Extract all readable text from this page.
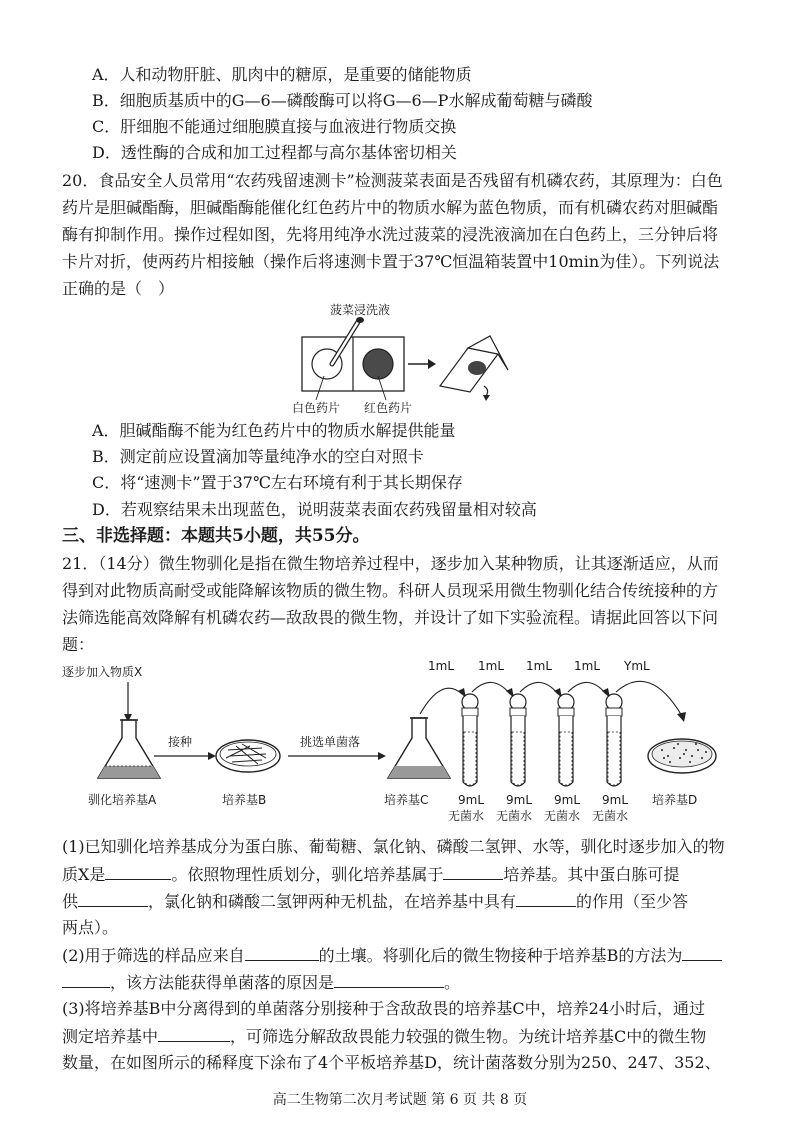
A．人和动物肝脏、肌肉中的糖原，是重要的储能物质
B．细胞质基质中的G—6—磷酸酶可以将G—6—P水解成葡萄糖与磷酸
C．肝细胞不能通过细胞膜直接与血液进行物质交换
D．透性酶的合成和加工过程都与高尔基体密切相关
20．食品安全人员常用“农药残留速测卡”检测菠菜表面是否残留有机磷农药，其原理为：白色
药片是胆碱酯酶，胆碱酯酶能催化红色药片中的物质水解为蓝色物质，而有机磷农药对胆碱酯
酶有抑制作用。操作过程如图，先将用纯净水洗过菠菜的浸洗液滴加在白色药上，三分钟后将
卡片对折，使两药片相接触（操作后将速测卡置于37℃恒温箱装置中10min为佳）。下列说法
正确的是（　）
菠菜浸洗液
白色药片 红色药片
A．胆碱酯酶不能为红色药片中的物质水解提供能量
B．测定前应设置滴加等量纯净水的空白对照卡
C．将“速测卡”置于37℃左右环境有利于其长期保存
D．若观察结果未出现蓝色，说明菠菜表面农药残留量相对较高
三、非选择题：本题共5小题，共55分。
21．（14分）微生物驯化是指在微生物培养过程中，逐步加入某种物质，让其逐渐适应，从而
得到对此物质高耐受或能降解该物质的微生物。科研人员现采用微生物驯化结合传统接种的方
法筛选能高效降解有机磷农药—敌敌畏的微生物，并设计了如下实验流程。请据此回答以下问
题：
逐步加入物质X
驯化培养基A
接种
培养基B
挑选单菌落
培养基C
1mL 1mL 1mL 1mL YmL
9mL 9mL 9mL 9mL
无菌水 无菌水 无菌水 无菌水
培养基D
(1)已知驯化培养基成分为蛋白胨、葡萄糖、氯化钠、磷酸二氢钾、水等，驯化时逐步加入的物
质X是	。依照物理性质划分，驯化培养基属于	培养基。其中蛋白胨可提
供	，氯化钠和磷酸二氢钾两种无机盐，在培养基中具有	的作用（至少答
两点）。
(2)用于筛选的样品应来自	的土壤。将驯化后的微生物接种于培养基B的方法为
，该方法能获得单菌落的原因是	。
(3)将培养基B中分离得到的单菌落分别接种于含敌敌畏的培养基C中，培养24小时后，通过
测定培养基中	，可筛选分解敌敌畏能力较强的微生物。为统计培养基C中的微生物
数量，在如图所示的稀释度下涂布了4个平板培养基D，统计菌落数分别为250、247、352、
高二生物第二次月考试题 第 6 页 共 8 页
